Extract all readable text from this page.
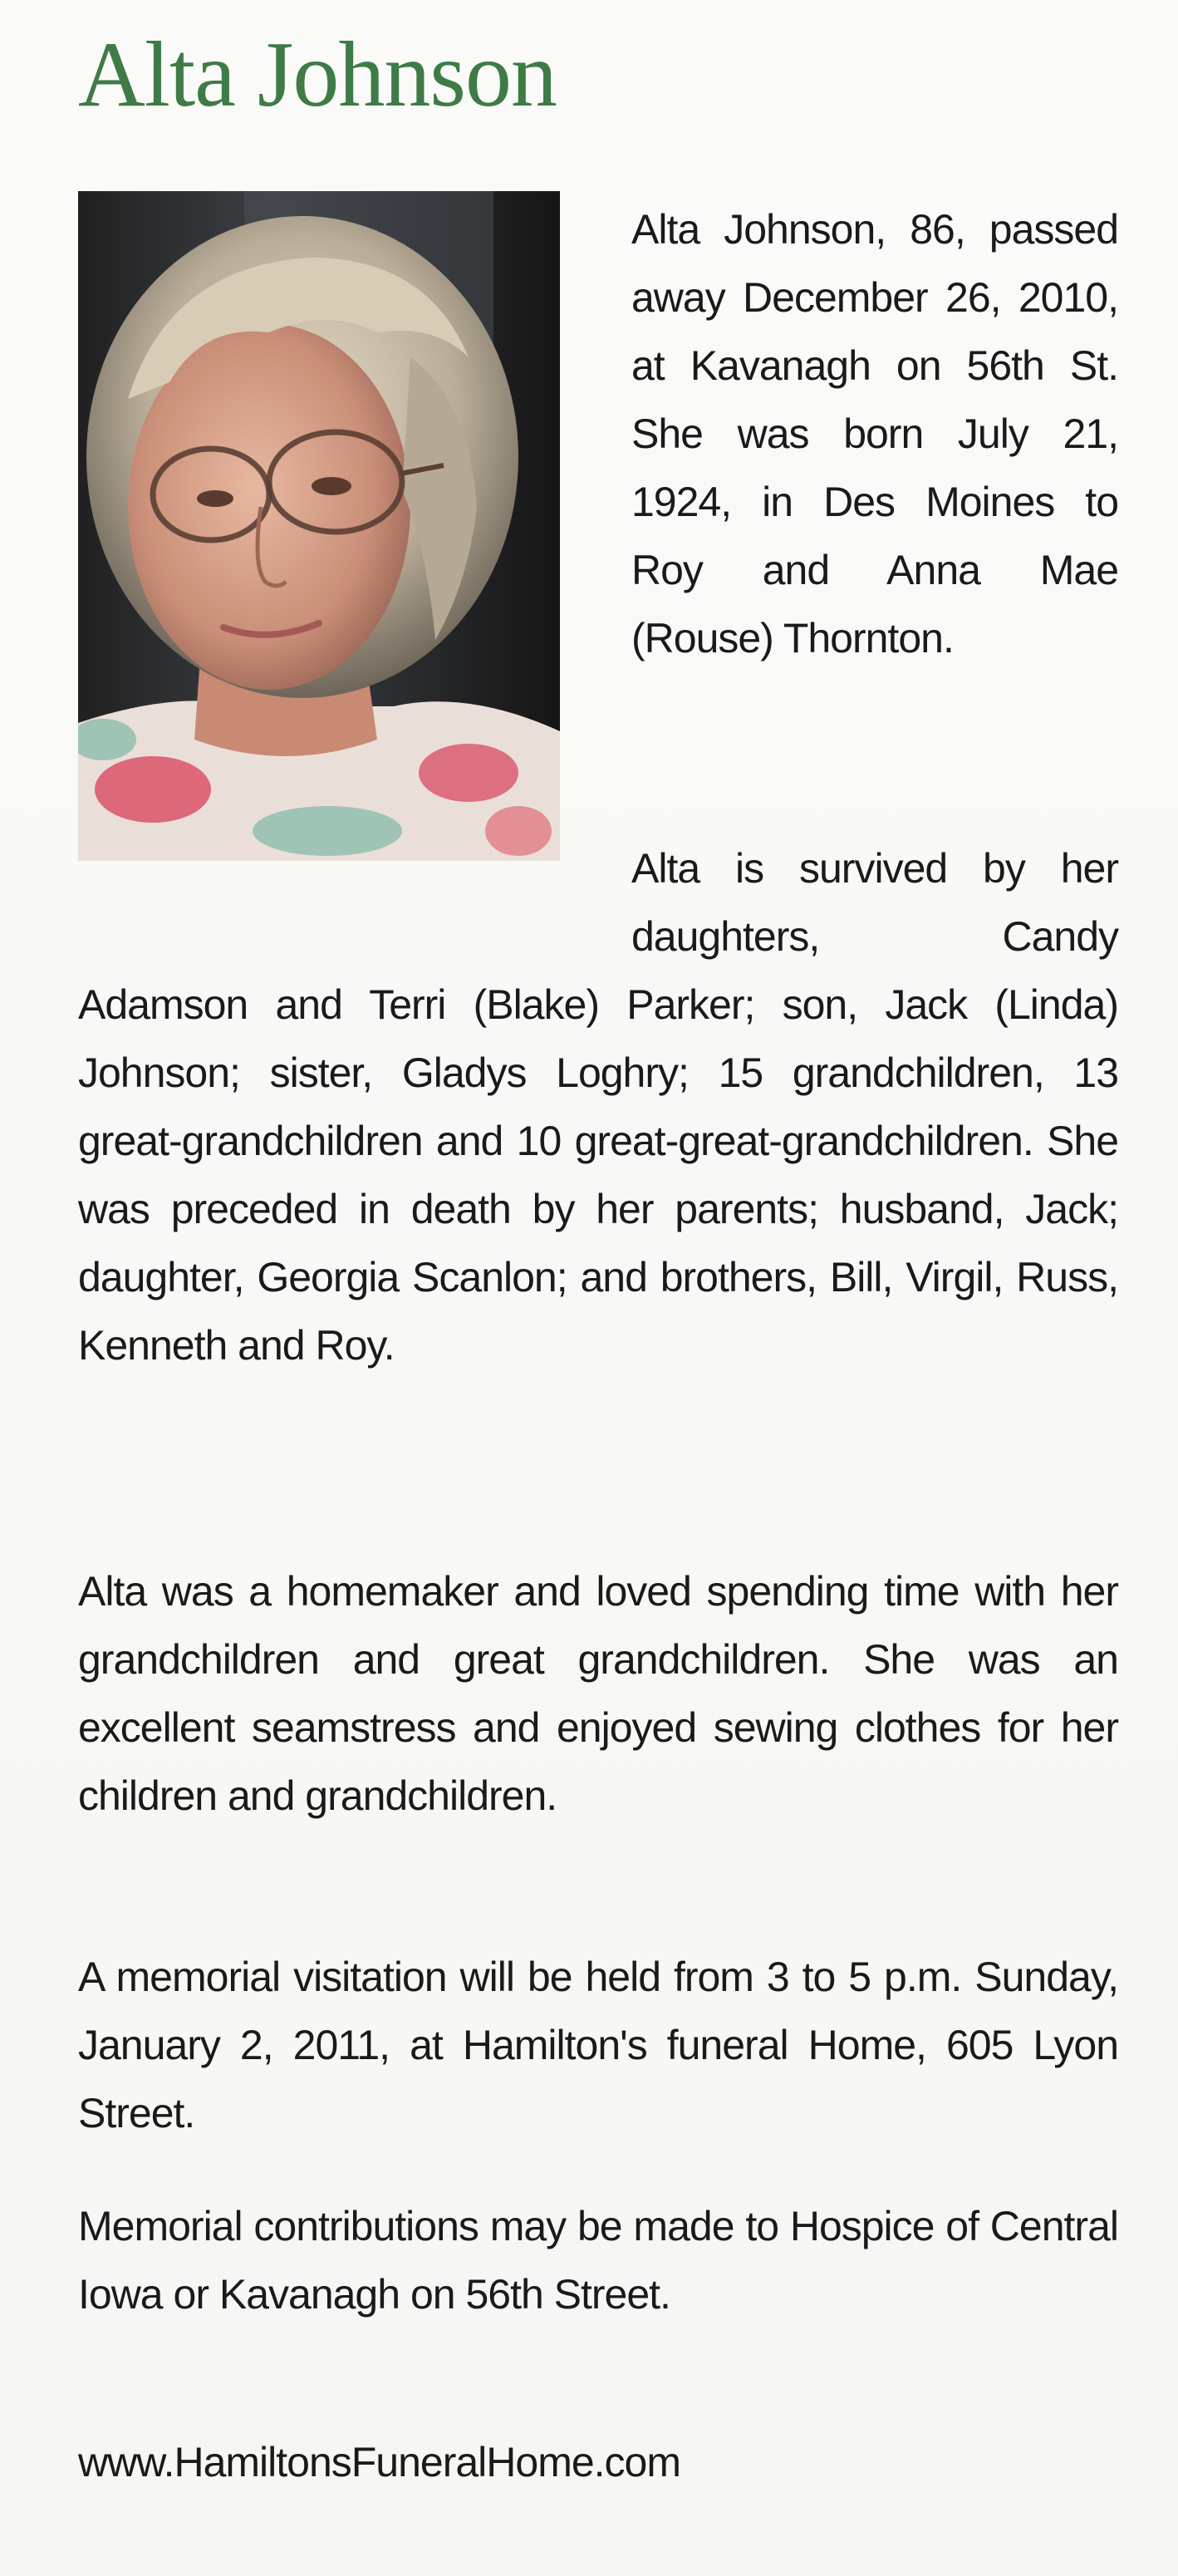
Alta Johnson

Alta Johnson, 86, passed away December 26, 2010, at Kavanagh on 56th St. She was born July 21, 1924, in Des Moines to Roy and Anna Mae (Rouse) Thornton.

Alta is survived by her daughters, Candy Adamson and Terri (Blake) Parker; son, Jack (Linda) Johnson; sister, Gladys Loghry; 15 grandchildren, 13 great-grandchildren and 10 great-great-grandchildren. She was preceded in death by her parents; husband, Jack; daughter, Georgia Scanlon; and brothers, Bill, Virgil, Russ, Kenneth and Roy.

Alta was a homemaker and loved spending time with her grandchildren and great grandchildren. She was an excellent seamstress and enjoyed sewing clothes for her children and grandchildren.

A memorial visitation will be held from 3 to 5 p.m. Sunday, January 2, 2011, at Hamilton's funeral Home, 605 Lyon Street.

Memorial contributions may be made to Hospice of Central Iowa or Kavanagh on 56th Street.

www.HamiltonsFuneralHome.com
